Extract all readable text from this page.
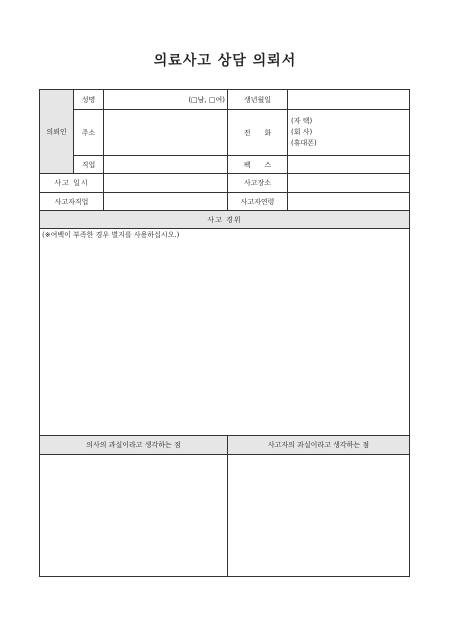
의료사고 상담 의뢰서
의뢰인	성명	(□남, □여)	생년월일	
	주소		전　　화	(자 택)
(회 사)
(휴대폰)

	직업		팩　　스	
사고 일시			사고장소	
사고자직업			사고자연령	
사고 경위				
(※여백이 부족한 경우 별지를 사용하십시오.)				
의사의 과실이라고 생각하는 점	사고자의 과실이라고 생각하는 점
